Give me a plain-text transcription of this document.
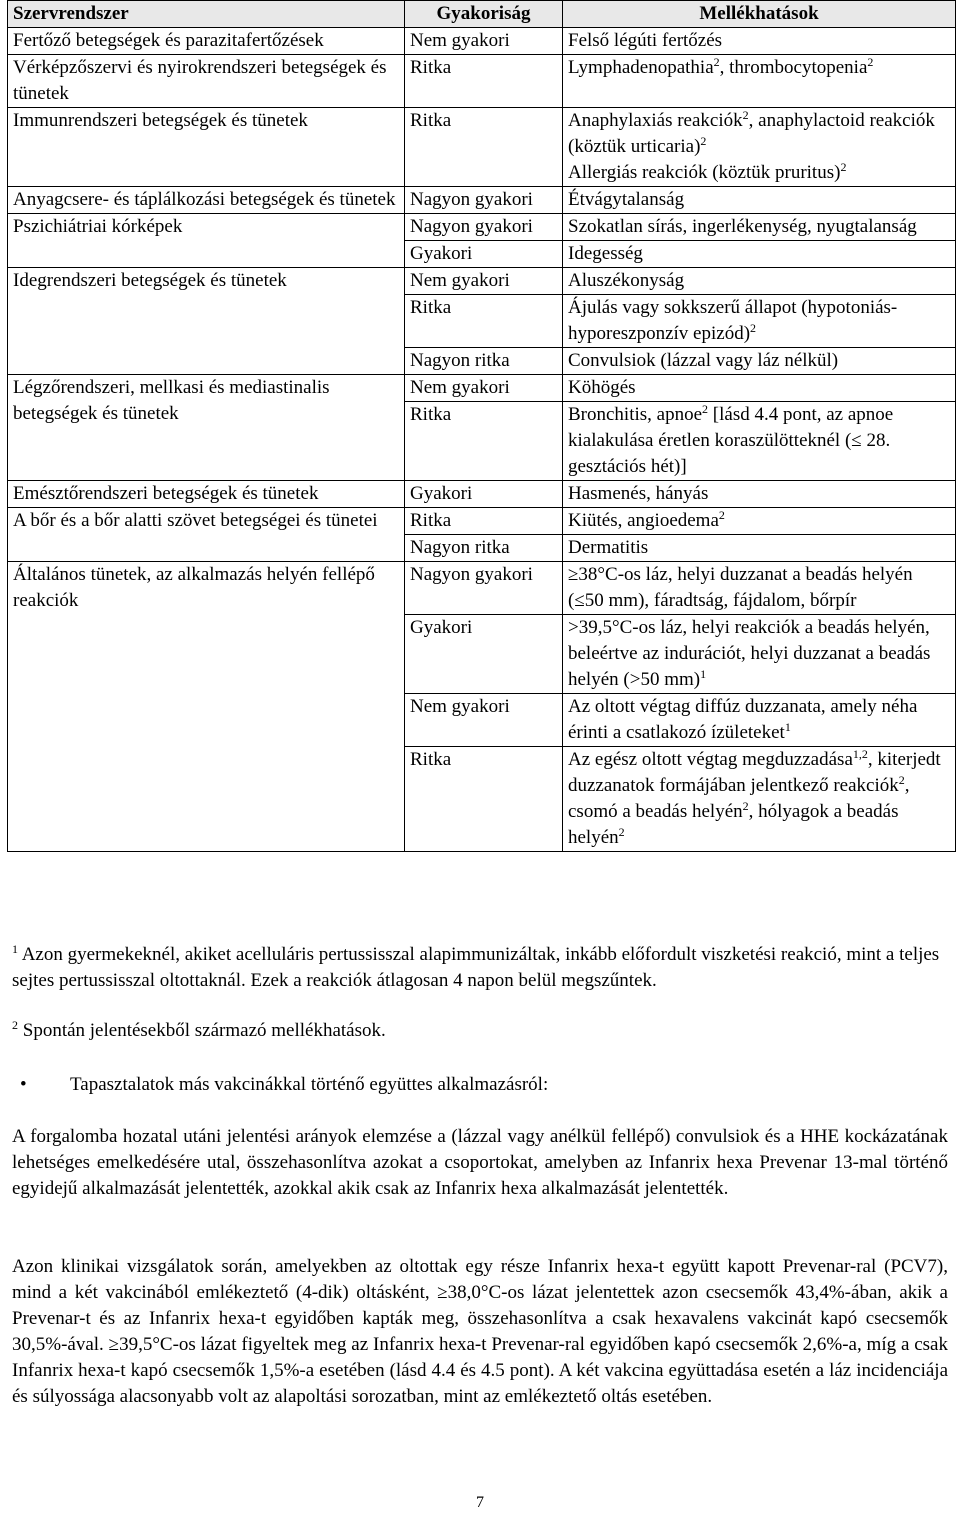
Szervrendszer	Gyakoriság	Mellékhatások
Fertőző betegségek és parazitafertőzések	Nem gyakori	Felső légúti fertőzés
Vérképzőszervi és nyirokrendszeri betegségek és tünetek	Ritka	Lymphadenopathia$^2$, thrombocytopenia$^2$
Immunrendszeri betegségek és tünetek	Ritka	Anaphylaxiás reakciók$^2$, anaphylactoid reakciók (köztük urticaria)$^2$
Allergiás reakciók (köztük pruritus)$^2$
Anyagcsere- és táplálkozási betegségek és tünetek	Nagyon gyakori	Étvágytalanság
Pszichiátriai kórképek	Nagyon gyakori	Szokatlan sírás, ingerlékenység, nyugtalanság
	Gyakori	Idegesség
Idegrendszeri betegségek és tünetek	Nem gyakori	Aluszékonyság
	Ritka	Ájulás vagy sokkszerű állapot (hypotoniás-hyporeszponzív epizód)$^2$
	Nagyon ritka	Convulsiok (lázzal vagy láz nélkül)
Légzőrendszeri, mellkasi és mediastinalis betegségek és tünetek	Nem gyakori	Köhögés
	Ritka	Bronchitis, apnoe$^2$ [lásd 4.4 pont, az apnoe kialakulása éretlen koraszülötteknél (≤ 28. gesztációs hét)]
Emésztőrendszeri betegségek és tünetek	Gyakori	Hasmenés, hányás
A bőr és a bőr alatti szövet betegségei és tünetei	Ritka	Kiütés, angioedema$^2$
	Nagyon ritka	Dermatitis
Általános tünetek, az alkalmazás helyén fellépő reakciók	Nagyon gyakori	≥38°C-os láz, helyi duzzanat a beadás helyén (≤50 mm), fáradtság, fájdalom, bőrpír
	Gyakori	>39,5°C-os láz, helyi reakciók a beadás helyén, beleértve az indurációt, helyi duzzanat a beadás helyén (>50 mm)$^1$
	Nem gyakori	Az oltott végtag diffúz duzzanata, amely néha érinti a csatlakozó ízületeket$^1$
	Ritka	Az egész oltott végtag megduzzadása$^{1,2}$, kiterjedt duzzanatok formájában jelentkező reakciók$^2$, csomó a beadás helyén$^2$, hólyagok a beadás helyén$^2$
$^1$ Azon gyermekeknél, akiket acelluláris pertussisszal alapimmunizáltak, inkább előfordult viszketési reakció, mint a teljes sejtes pertussisszal oltottaknál. Ezek a reakciók átlagosan 4 napon belül megszűntek.
$^2$ Spontán jelentésekből származó mellékhatások.
• Tapasztalatok más vakcinákkal történő együttes alkalmazásról:

A forgalomba hozatal utáni jelentési arányok elemzése a (lázzal vagy anélkül fellépő) convulsiok és a HHE kockázatának lehetséges emelkedésére utal, összehasonlítva azokat a csoportokat, amelyben az Infanrix hexa Prevenar 13-mal történő egyidejű alkalmazását jelentették, azokkal akik csak az Infanrix hexa alkalmazását jelentették.

Azon klinikai vizsgálatok során, amelyekben az oltottak egy része Infanrix hexa-t együtt kapott Prevenar-ral (PCV7), mind a két vakcinából emlékeztető (4-dik) oltásként, ≥38,0°C-os lázat jelentettek azon csecsemők 43,4%-ában, akik a Prevenar-t és az Infanrix hexa-t egyidőben kapták meg, összehasonlítva a csak hexavalens vakcinát kapó csecsemők 30,5%-ával. ≥39,5°C-os lázat figyeltek meg az Infanrix hexa-t Prevenar-ral egyidőben kapó csecsemők 2,6%-a, míg a csak Infanrix hexa-t kapó csecsemők 1,5%-a esetében (lásd 4.4 és 4.5 pont). A két vakcina együttadása esetén a láz incidenciája és súlyossága alacsonyabb volt az alapoltási sorozatban, mint az emlékeztető oltás esetében.

7
